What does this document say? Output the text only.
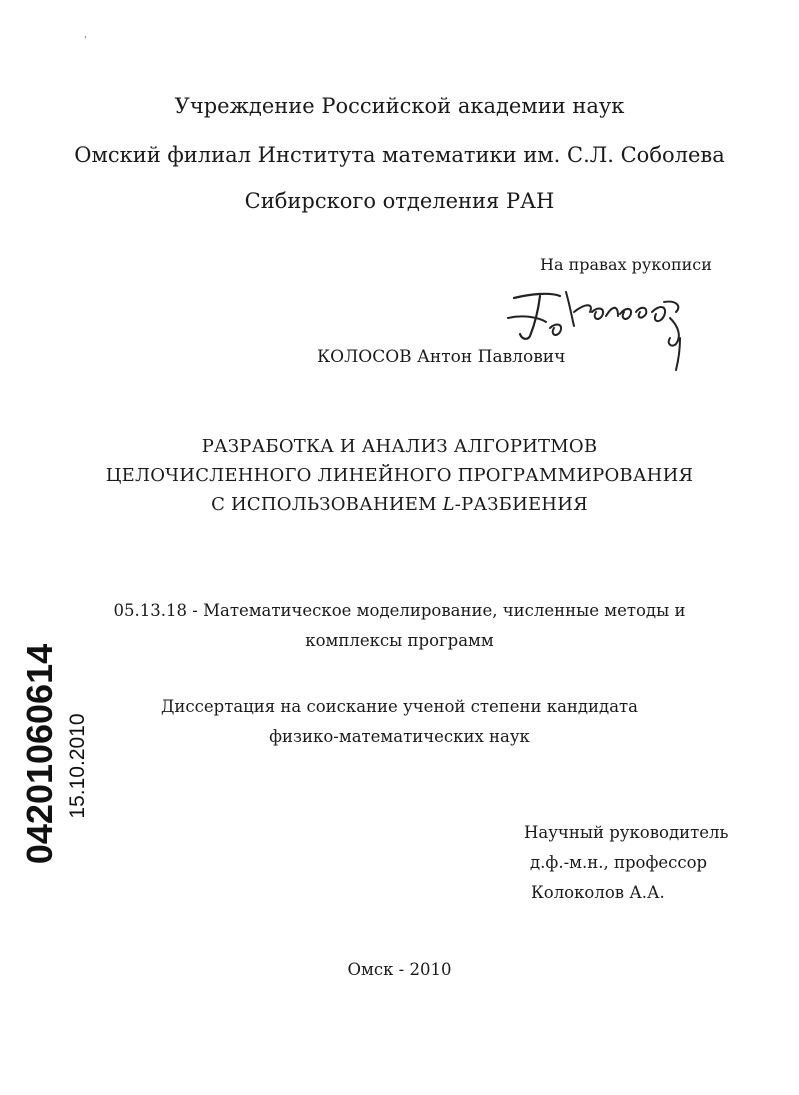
'
Учреждение Российской академии наук
Омский филиал Института математики им. С.Л. Соболева
Сибирского отделения РАН
На правах рукописи
КОЛОСОВ Антон Павлович
РАЗРАБОТКА И АНАЛИЗ АЛГОРИТМОВ
ЦЕЛОЧИСЛЕННОГО ЛИНЕЙНОГО ПРОГРАММИРОВАНИЯ
С ИСПОЛЬЗОВАНИЕМ L-РАЗБИЕНИЯ
05.13.18 - Математическое моделирование, численные методы и
комплексы программ
Диссертация на соискание ученой степени кандидата
физико-математических наук
Научный руководитель
д.ф.-м.н., профессор
Колоколов А.А.
Омск - 2010
04201060614 15.10.2010
